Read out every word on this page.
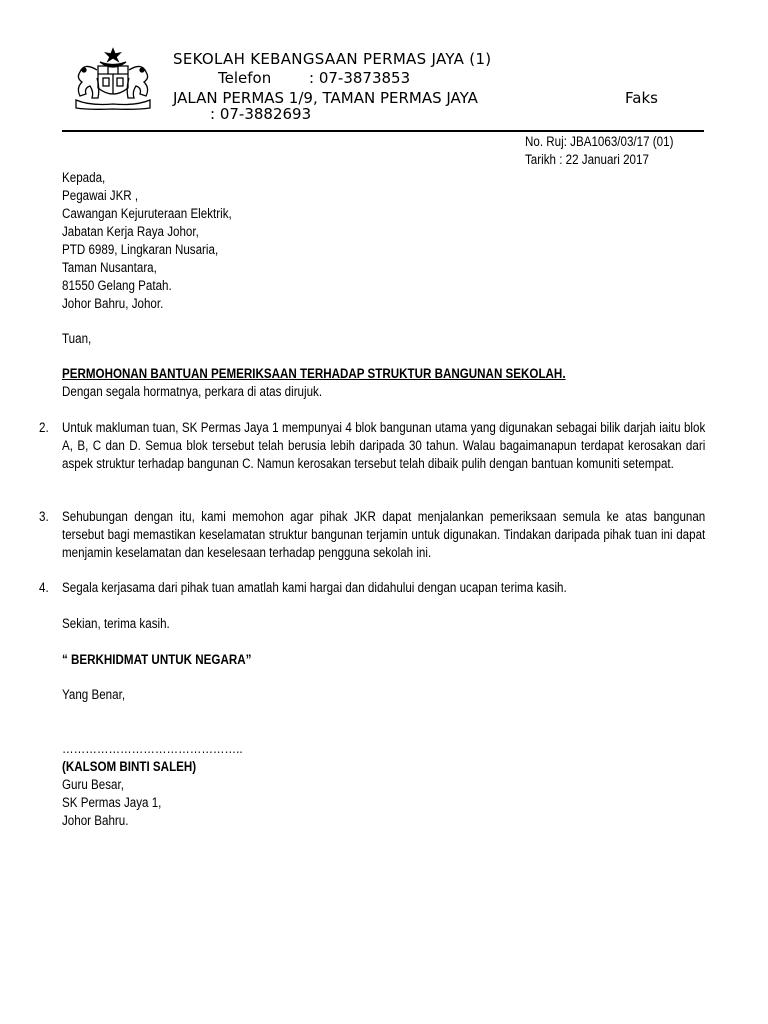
SEKOLAH KEBANGSAAN PERMAS JAYA (1)
Telefon	: 07-3873853
JALAN PERMAS 1/9, TAMAN PERMAS JAYA	Faks
: 07-3882693
No. Ruj: JBA1063/03/17 (01)
Tarikh : 22 Januari 2017
Kepada,
Pegawai JKR ,
Cawangan Kejuruteraan Elektrik,
Jabatan Kerja Raya Johor,
PTD 6989, Lingkaran Nusaria,
Taman Nusantara,
81550 Gelang Patah.
Johor Bahru, Johor.
Tuan,
PERMOHONAN BANTUAN PEMERIKSAAN TERHADAP STRUKTUR BANGUNAN SEKOLAH.
Dengan segala hormatnya, perkara di atas dirujuk.
2. Untuk makluman tuan, SK Permas Jaya 1 mempunyai 4 blok bangunan utama yang digunakan sebagai bilik darjah iaitu blok A, B, C dan D. Semua blok tersebut telah berusia lebih daripada 30 tahun. Walau bagaimanapun terdapat kerosakan dari aspek struktur terhadap bangunan C. Namun kerosakan tersebut telah dibaik pulih dengan bantuan komuniti setempat.
3. Sehubungan dengan itu, kami memohon agar pihak JKR dapat menjalankan pemeriksaan semula ke atas bangunan tersebut bagi memastikan keselamatan struktur bangunan terjamin untuk digunakan. Tindakan daripada pihak tuan ini dapat menjamin keselamatan dan keselesaan terhadap pengguna sekolah ini.
4. Segala kerjasama dari pihak tuan amatlah kami hargai dan didahului dengan ucapan terima kasih.
Sekian, terima kasih.
“ BERKHIDMAT UNTUK NEGARA”
Yang Benar,
………………………………………..
(KALSOM BINTI SALEH)
Guru Besar,
SK Permas Jaya 1,
Johor Bahru.
